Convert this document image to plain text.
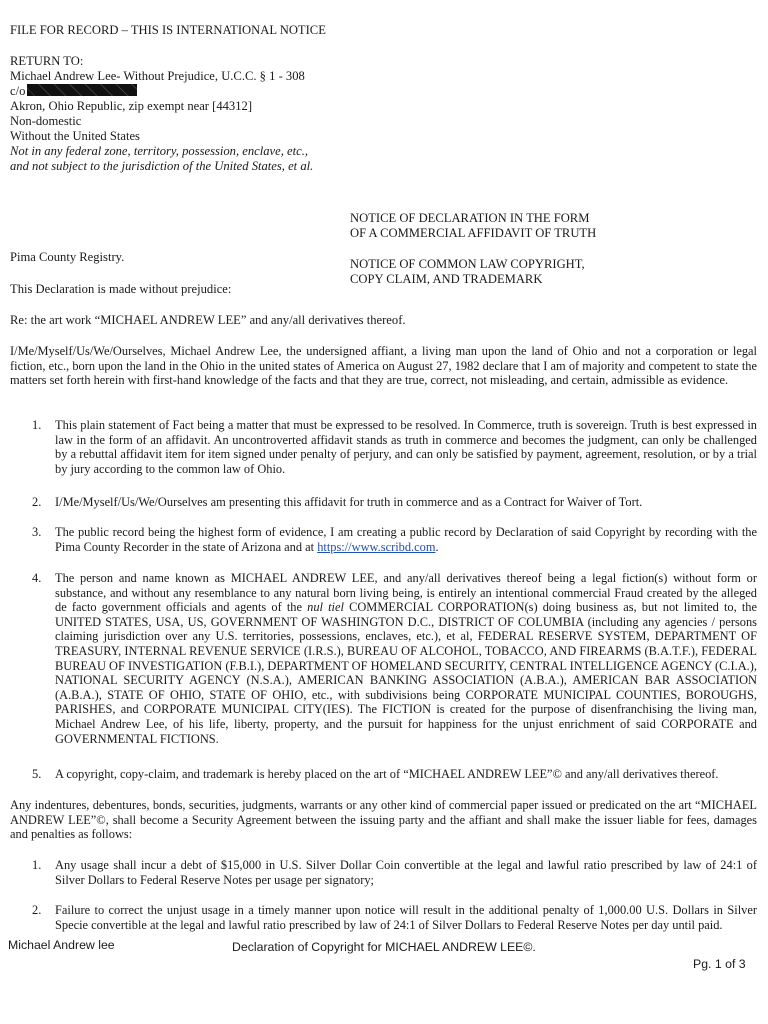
FILE FOR RECORD – THIS IS INTERNATIONAL NOTICE
RETURN TO:
Michael Andrew Lee- Without Prejudice, U.C.C. § 1 - 308
c/o
Akron, Ohio Republic, zip exempt near [44312]
Non-domestic
Without the United States
Not in any federal zone, territory, possession, enclave, etc.,
and not subject to the jurisdiction of the United States, et al.
NOTICE OF DECLARATION IN THE FORM
OF A COMMERCIAL AFFIDAVIT OF TRUTH
NOTICE OF COMMON LAW COPYRIGHT,
COPY CLAIM, AND TRADEMARK
Pima County Registry.
This Declaration is made without prejudice:
Re: the art work “MICHAEL ANDREW LEE” and any/all derivatives thereof.
I/Me/Myself/Us/We/Ourselves, Michael Andrew Lee, the undersigned affiant, a living man upon the land of Ohio and not a corporation or legal fiction, etc., born upon the land in the Ohio in the united states of America on August 27, 1982 declare that I am of majority and competent to state the matters set forth herein with first-hand knowledge of the facts and that they are true, correct, not misleading, and certain, admissible as evidence.
1. This plain statement of Fact being a matter that must be expressed to be resolved. In Commerce, truth is sovereign. Truth is best expressed in law in the form of an affidavit. An uncontroverted affidavit stands as truth in commerce and becomes the judgment, can only be challenged by a rebuttal affidavit item for item signed under penalty of perjury, and can only be satisfied by payment, agreement, resolution, or by a trial by jury according to the common law of Ohio.
2. I/Me/Myself/Us/We/Ourselves am presenting this affidavit for truth in commerce and as a Contract for Waiver of Tort.
3. The public record being the highest form of evidence, I am creating a public record by Declaration of said Copyright by recording with the Pima County Recorder in the state of Arizona and at https://www.scribd.com.
4. The person and name known as MICHAEL ANDREW LEE, and any/all derivatives thereof being a legal fiction(s) without form or substance, and without any resemblance to any natural born living being, is entirely an intentional commercial Fraud created by the alleged de facto government officials and agents of the nul tiel COMMERCIAL CORPORATION(s) doing business as, but not limited to, the UNITED STATES, USA, US, GOVERNMENT OF WASHINGTON D.C., DISTRICT OF COLUMBIA (including any agencies / persons claiming jurisdiction over any U.S. territories, possessions, enclaves, etc.), et al, FEDERAL RESERVE SYSTEM, DEPARTMENT OF TREASURY, INTERNAL REVENUE SERVICE (I.R.S.), BUREAU OF ALCOHOL, TOBACCO, AND FIREARMS (B.A.T.F.), FEDERAL BUREAU OF INVESTIGATION (F.B.I.), DEPARTMENT OF HOMELAND SECURITY, CENTRAL INTELLIGENCE AGENCY (C.I.A.), NATIONAL SECURITY AGENCY (N.S.A.), AMERICAN BANKING ASSOCIATION (A.B.A.), AMERICAN BAR ASSOCIATION (A.B.A.), STATE OF OHIO, STATE OF OHIO, etc., with subdivisions being CORPORATE MUNICIPAL COUNTIES, BOROUGHS, PARISHES, and CORPORATE MUNICIPAL CITY(IES). The FICTION is created for the purpose of disenfranchising the living man, Michael Andrew Lee, of his life, liberty, property, and the pursuit for happiness for the unjust enrichment of said CORPORATE and GOVERNMENTAL FICTIONS.
5. A copyright, copy-claim, and trademark is hereby placed on the art of “MICHAEL ANDREW LEE”© and any/all derivatives thereof.
Any indentures, debentures, bonds, securities, judgments, warrants or any other kind of commercial paper issued or predicated on the art “MICHAEL ANDREW LEE”©, shall become a Security Agreement between the issuing party and the affiant and shall make the issuer liable for fees, damages and penalties as follows:
1. Any usage shall incur a debt of $15,000 in U.S. Silver Dollar Coin convertible at the legal and lawful ratio prescribed by law of 24:1 of Silver Dollars to Federal Reserve Notes per usage per signatory;
2. Failure to correct the unjust usage in a timely manner upon notice will result in the additional penalty of 1,000.00 U.S. Dollars in Silver Specie convertible at the legal and lawful ratio prescribed by law of 24:1 of Silver Dollars to Federal Reserve Notes per day until paid.
Michael Andrew lee	Declaration of Copyright for MICHAEL ANDREW LEE©.
Pg. 1 of 3
